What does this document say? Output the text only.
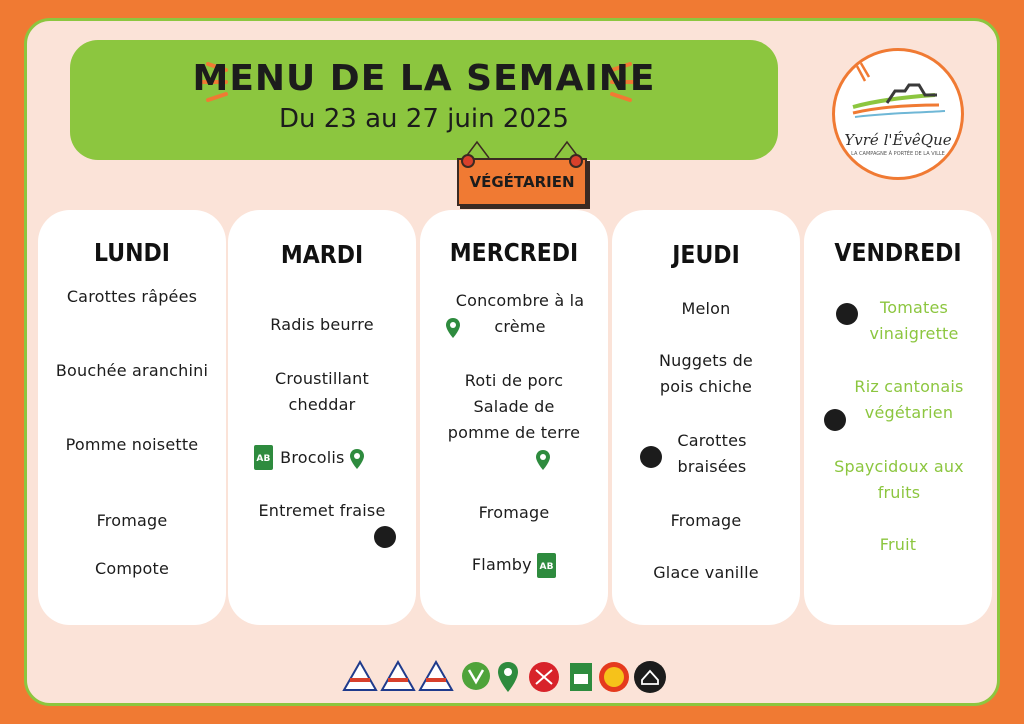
MENU DE LA SEMAINE
Du 23 au 27 juin 2025
VÉGÉTARIEN
Yvré l'ÉvêQue
LA CAMPAGNE À PORTÉE DE LA VILLE
LUNDI
Carottes râpées
Bouchée aranchini
Pomme noisette
Fromage
Compote
MARDI
Radis beurre
Croustillant cheddar
AB Brocolis
Entremet fraise
MERCREDI
Concombre à la crème
Roti de porc Salade de pomme de terre
Fromage
Flamby AB
JEUDI
Melon
Nuggets de pois chiche
Carottes braisées
Fromage
Glace vanille
VENDREDI
Tomates vinaigrette
Riz cantonais végétarien
Spaycidoux aux fruits
Fruit
